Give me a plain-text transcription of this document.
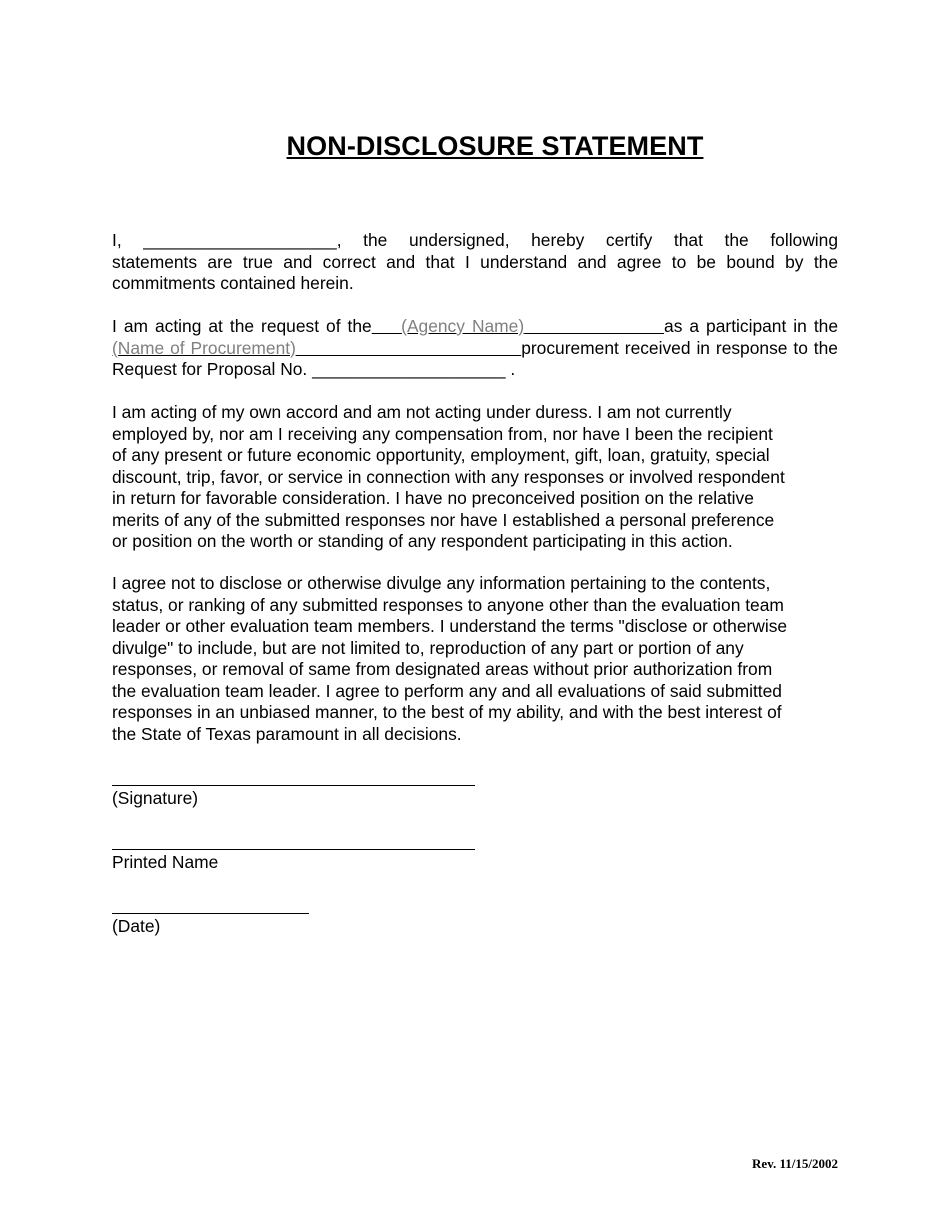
NON-DISCLOSURE STATEMENT
I, ____________________, the undersigned, hereby certify that the following
statements are true and correct and that I understand and agree to be bound by the
commitments contained herein.
I am acting at the request of the  (Agency Name)	as a participant in the
(Name of Procurement)	procurement received in response to the
Request for Proposal No. ____________________ .
I am acting of my own accord and am not acting under duress. I am not currently
employed by, nor am I receiving any compensation from, nor have I been the recipient
of any present or future economic opportunity, employment, gift, loan, gratuity, special
discount, trip, favor, or service in connection with any responses or involved respondent
in return for favorable consideration. I have no preconceived position on the relative
merits of any of the submitted responses nor have I established a personal preference
or position on the worth or standing of any respondent participating in this action.
I agree not to disclose or otherwise divulge any information pertaining to the contents,
status, or ranking of any submitted responses to anyone other than the evaluation team
leader or other evaluation team members. I understand the terms "disclose or otherwise
divulge" to include, but are not limited to, reproduction of any part or portion of any
responses, or removal of same from designated areas without prior authorization from
the evaluation team leader. I agree to perform any and all evaluations of said submitted
responses in an unbiased manner, to the best of my ability, and with the best interest of
the State of Texas paramount in all decisions.
(Signature)
Printed Name
(Date)
Rev. 11/15/2002
